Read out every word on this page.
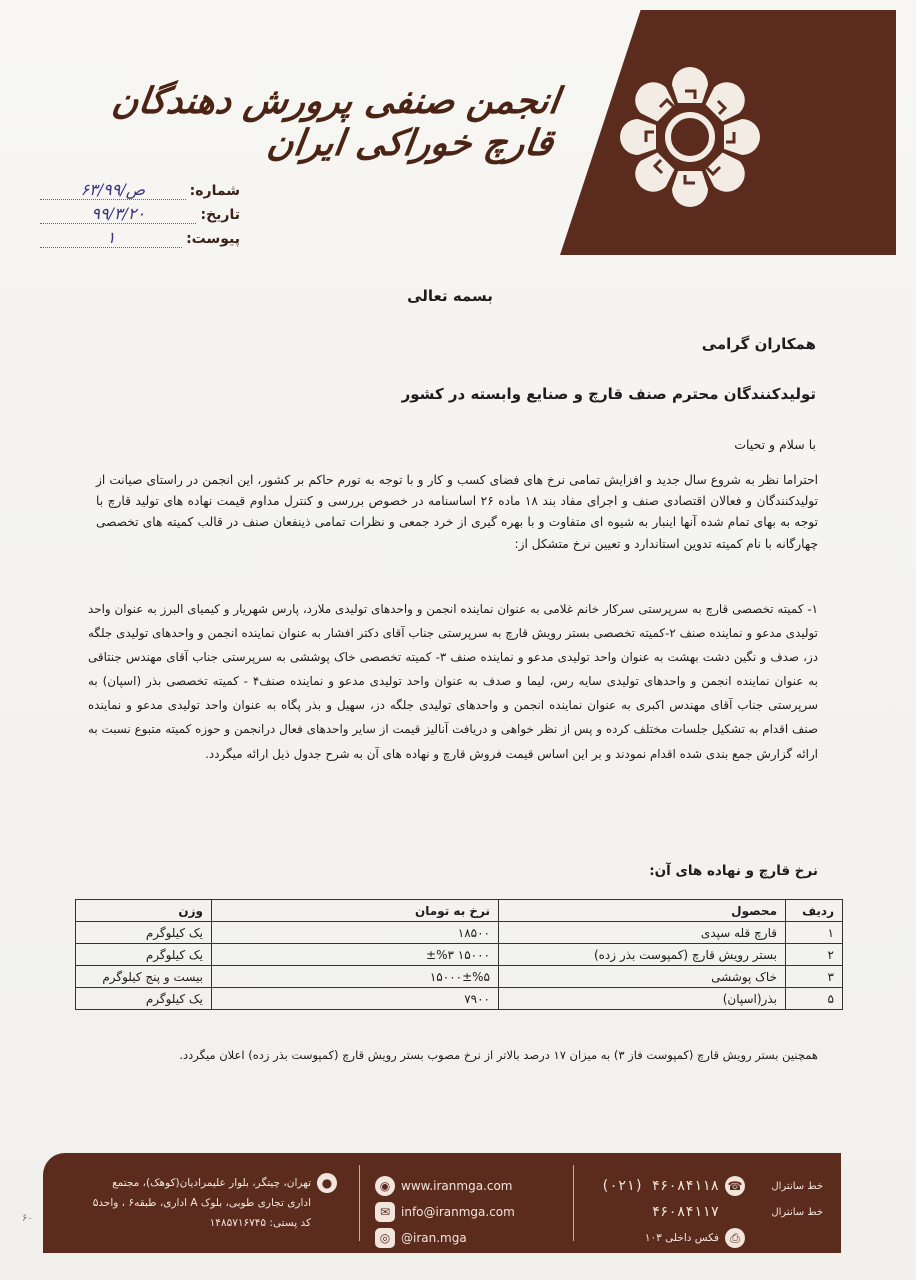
انجمن صنفی پرورش دهندگان قارچ خوراکی ایران
شماره:
۶۳/ص/۹۹
تاریخ:
۹۹/۳/۲۰
پیوست:
۱
بسمه تعالی
همکاران گرامی
تولیدکنندگان محترم صنف قارچ و صنایع وابسته در کشور
با سلام و تحیات
احتراما نظر به شروع سال جدید و افزایش تمامی نرخ های فضای کسب و کار و با توجه به تورم حاکم بر کشور، این انجمن در راستای صیانت از تولیدکنندگان و فعالان اقتصادی صنف و اجرای مفاد بند ۱۸ ماده ۲۶ اساسنامه در خصوص بررسی و کنترل مداوم قیمت نهاده های تولید قارچ با توجه به بهای تمام شده آنها اینبار به شیوه ای متفاوت و با بهره گیری از خرد جمعی و نظرات تمامی ذینفعان صنف در قالب کمیته های تخصصی چهارگانه با نام کمیته تدوین استاندارد و تعیین نرخ متشکل از:
۱- کمیته تخصصی قارچ به سرپرستی سرکار خانم غلامی به عنوان نماینده انجمن و واحدهای تولیدی ملارد، پارس شهریار و کیمیای البرز به عنوان واحد تولیدی مدعو و نماینده صنف ۲-کمیته تخصصی بستر رویش قارچ به سرپرستی جناب آقای دکتر افشار به عنوان نماینده انجمن و واحدهای تولیدی جلگه دز، صدف و نگین دشت بهشت به عنوان واحد تولیدی مدعو و نماینده صنف ۳- کمیته تخصصی خاک پوششی به سرپرستی جناب آقای مهندس جنتاقی به عنوان نماینده انجمن و واحدهای تولیدی سایه رس، لیما و صدف به عنوان واحد تولیدی مدعو و نماینده صنف۴ - کمیته تخصصی بذر (اسپان) به سرپرستی جناب آقای مهندس اکبری به عنوان نماینده انجمن و واحدهای تولیدی جلگه دز، سهیل و بذر پگاه به عنوان واحد تولیدی مدعو و نماینده صنف اقدام به تشکیل جلسات مختلف کرده و پس از نظر خواهی و دریافت آنالیز قیمت از سایر واحدهای فعال درانجمن و حوزه کمیته متبوع نسبت به ارائه گزارش جمع بندی شده اقدام نمودند و بر این اساس قیمت فروش قارچ و نهاده های آن به شرح جدول ذیل ارائه میگردد.
نرخ قارچ و نهاده های آن:
ردیف	محصول	نرخ به تومان	وزن
۱	قارچ قله سپدی	۱۸۵۰۰	یک کیلوگرم
۲	بستر رویش قارچ (کمپوست بذر زده)	۱۵۰۰۰ ±%۳	یک کیلوگرم
۳	خاک پوششی	۱۵۰۰۰±%۵	بیست و پنج کیلوگرم
۵	بذر(اسپان)	۷۹۰۰	یک کیلوگرم
همچنین بستر رویش قارچ (کمپوست فاز ۳) به میزان ۱۷ درصد بالاتر از نرخ مصوب بستر رویش قارچ (کمپوست بذر زده) اعلان میگردد.
خط سانترال
☎
(۰۲۱) ۴۶۰۸۴۱۱۸
خط سانترال
۴۶۰۸۴۱۱۷
⎙
فکس داخلی ۱۰۳
◉ www.iranmga.com
✉ info@iranmga.com
◎ @iran.mga
●
تهران، چیتگر، بلوار علیمرادیان(کوهک)، مجتمع
اداری تجاری طوبی، بلوک A اداری، طبقه۶ ، واحد۵
کد پستی: ۱۴۸۵۷۱۶۷۴۵
۶۰
